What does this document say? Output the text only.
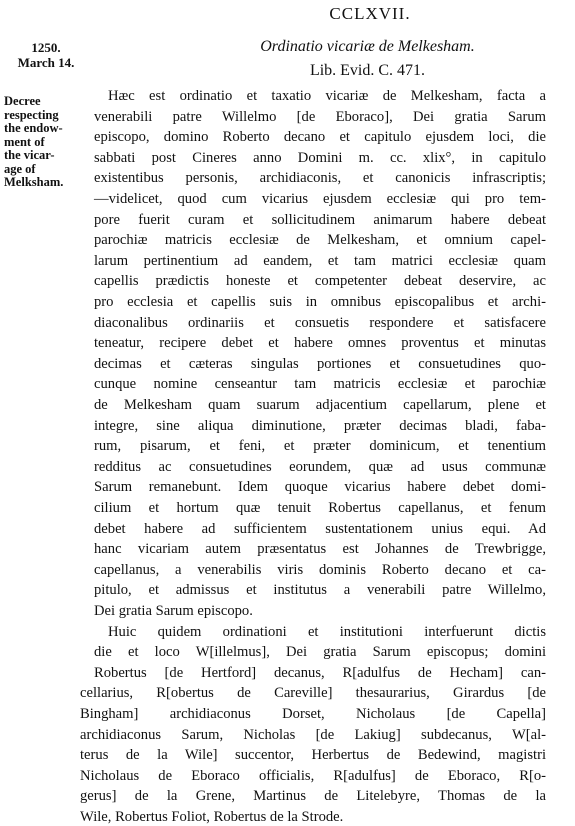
CCLXVII.
1250.
March 14.
Ordinatio vicariæ de Melkesham.
Lib. Evid. C. 471.
Decree
respecting
the endow-
ment of
the vicar-
age of
Melksham.
Hæc est ordinatio et taxatio vicariæ de Melkesham, facta a
venerabili patre Willelmo [de Eboraco], Dei gratia Sarum
episcopo, domino Roberto decano et capitulo ejusdem loci, die
sabbati post Cineres anno Domini m. cc. xlix°, in capitulo
existentibus personis, archidiaconis, et canonicis infrascriptis;
—videlicet, quod cum vicarius ejusdem ecclesiæ qui pro tem-
pore fuerit curam et sollicitudinem animarum habere debeat
parochiæ matricis ecclesiæ de Melkesham, et omnium capel-
larum pertinentium ad eandem, et tam matrici ecclesiæ quam
capellis prædictis honeste et competenter debeat deservire, ac
pro ecclesia et capellis suis in omnibus episcopalibus et archi-
diaconalibus ordinariis et consuetis respondere et satisfacere
teneatur, recipere debet et habere omnes proventus et minutas
decimas et cæteras singulas portiones et consuetudines quo-
cunque nomine censeantur tam matricis ecclesiæ et parochiæ
de Melkesham quam suarum adjacentium capellarum, plene et
integre, sine aliqua diminutione, præter decimas bladi, faba-
rum, pisarum, et feni, et præter dominicum, et tenentium
redditus ac consuetudines eorundem, quæ ad usus communæ
Sarum remanebunt. Idem quoque vicarius habere debet domi-
cilium et hortum quæ tenuit Robertus capellanus, et fenum
debet habere ad sufficientem sustentationem unius equi. Ad
hanc vicariam autem præsentatus est Johannes de Trewbrigge,
capellanus, a venerabilis viris dominis Roberto decano et ca-
pitulo, et admissus et institutus a venerabili patre Willelmo,
Dei gratia Sarum episcopo.
Huic quidem ordinationi et institutioni interfuerunt dictis
die et loco W[illelmus], Dei gratia Sarum episcopus; domini
Robertus [de Hertford] decanus, R[adulfus de Hecham] can-
cellarius, R[obertus de Careville] thesaurarius, Girardus [de
Bingham] archidiaconus Dorset, Nicholaus [de Capella]
archidiaconus Sarum, Nicholas [de Lakiug] subdecanus, W[al-
terus de la Wile] succentor, Herbertus de Bedewind, magistri
Nicholaus de Eboraco officialis, R[adulfus] de Eboraco, R[o-
gerus] de la Grene, Martinus de Litelebyre, Thomas de la
Wile, Robertus Foliot, Robertus de la Strode.
